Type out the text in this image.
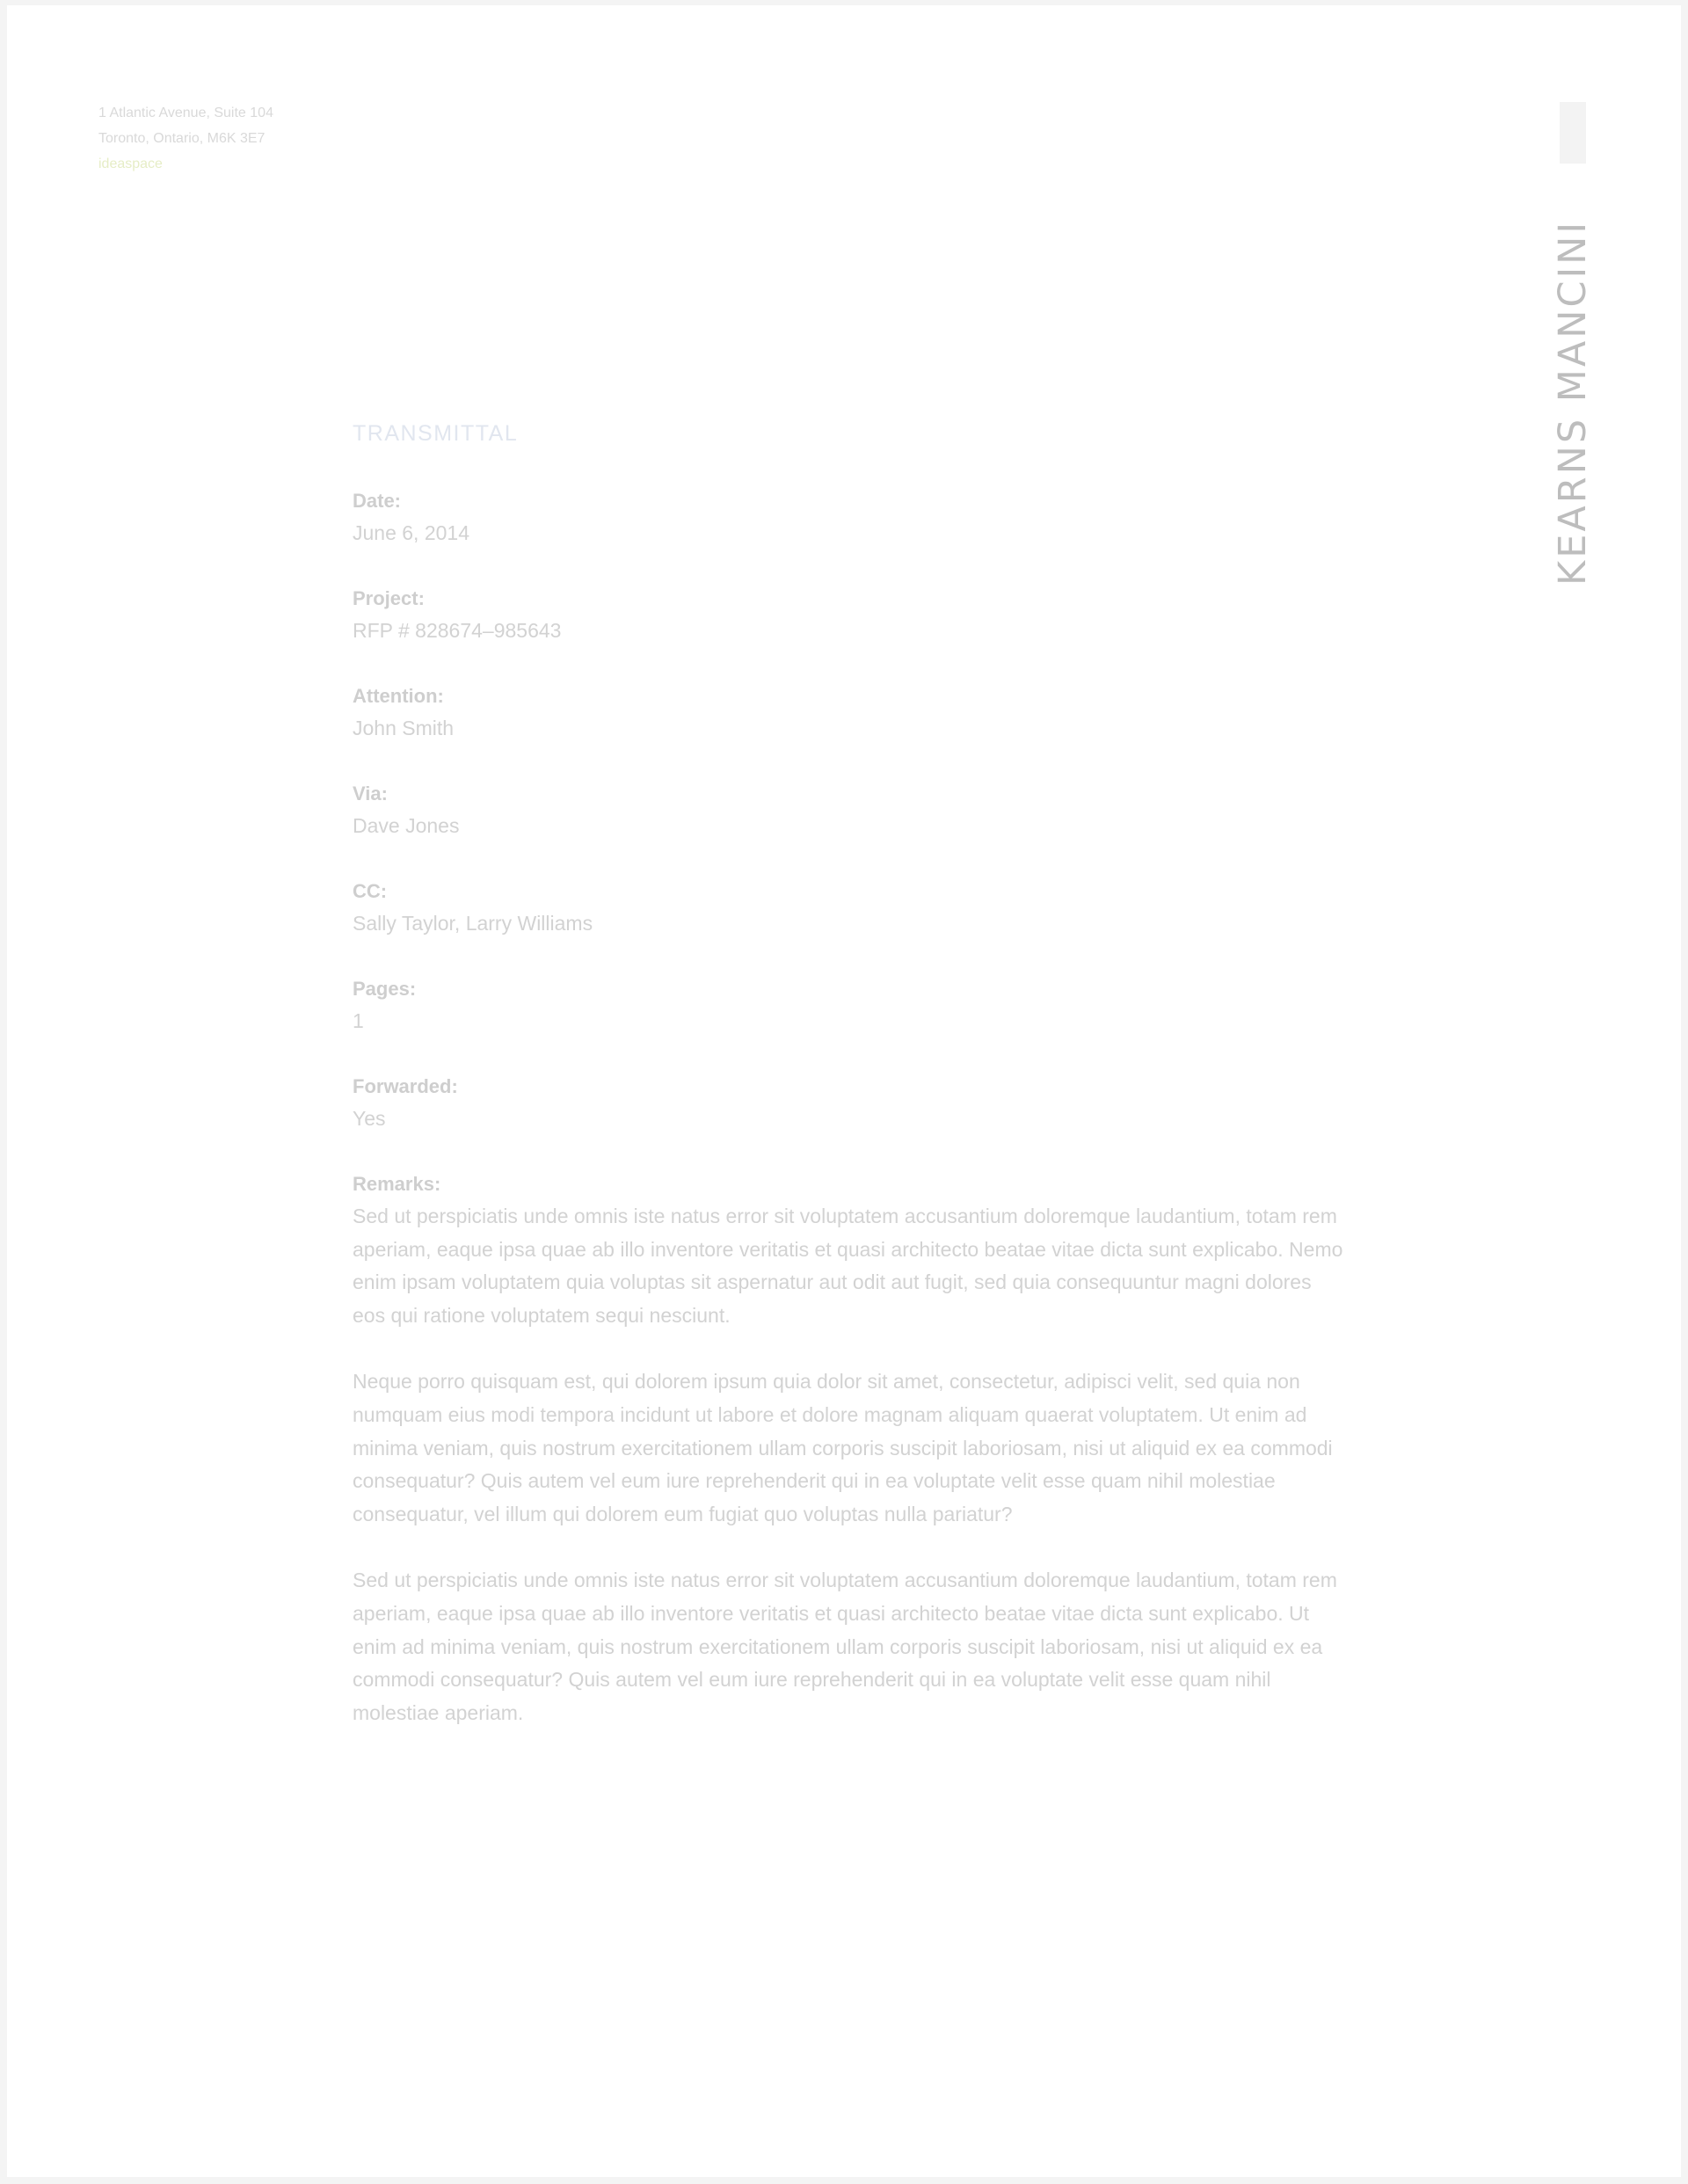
1 Atlantic Avenue, Suite 104
Toronto, Ontario, M6K 3E7
ideaspace
KEARNS MANCINI
TRANSMITTAL
Date:
June 6, 2014
Project:
RFP # 828674–985643
Attention:
John Smith
Via:
Dave Jones
CC:
Sally Taylor, Larry Williams
Pages:
1
Forwarded:
Yes
Remarks:

Sed ut perspiciatis unde omnis iste natus error sit voluptatem accusantium doloremque laudantium, totam rem aperiam, eaque ipsa quae ab illo inventore veritatis et quasi architecto beatae vitae dicta sunt explicabo. Nemo enim ipsam voluptatem quia voluptas sit aspernatur aut odit aut fugit, sed quia consequuntur magni dolores eos qui ratione voluptatem sequi nesciunt.

Neque porro quisquam est, qui dolorem ipsum quia dolor sit amet, consectetur, adipisci velit, sed quia non numquam eius modi tempora incidunt ut labore et dolore magnam aliquam quaerat voluptatem. Ut enim ad minima veniam, quis nostrum exercitationem ullam corporis suscipit laboriosam, nisi ut aliquid ex ea commodi consequatur? Quis autem vel eum iure reprehenderit qui in ea voluptate velit esse quam nihil molestiae consequatur, vel illum qui dolorem eum fugiat quo voluptas nulla pariatur?

Sed ut perspiciatis unde omnis iste natus error sit voluptatem accusantium doloremque laudantium, totam rem aperiam, eaque ipsa quae ab illo inventore veritatis et quasi architecto beatae vitae dicta sunt explicabo. Ut enim ad minima veniam, quis nostrum exercitationem ullam corporis suscipit laboriosam, nisi ut aliquid ex ea commodi consequatur? Quis autem vel eum iure reprehenderit qui in ea voluptate velit esse quam nihil molestiae aperiam.
